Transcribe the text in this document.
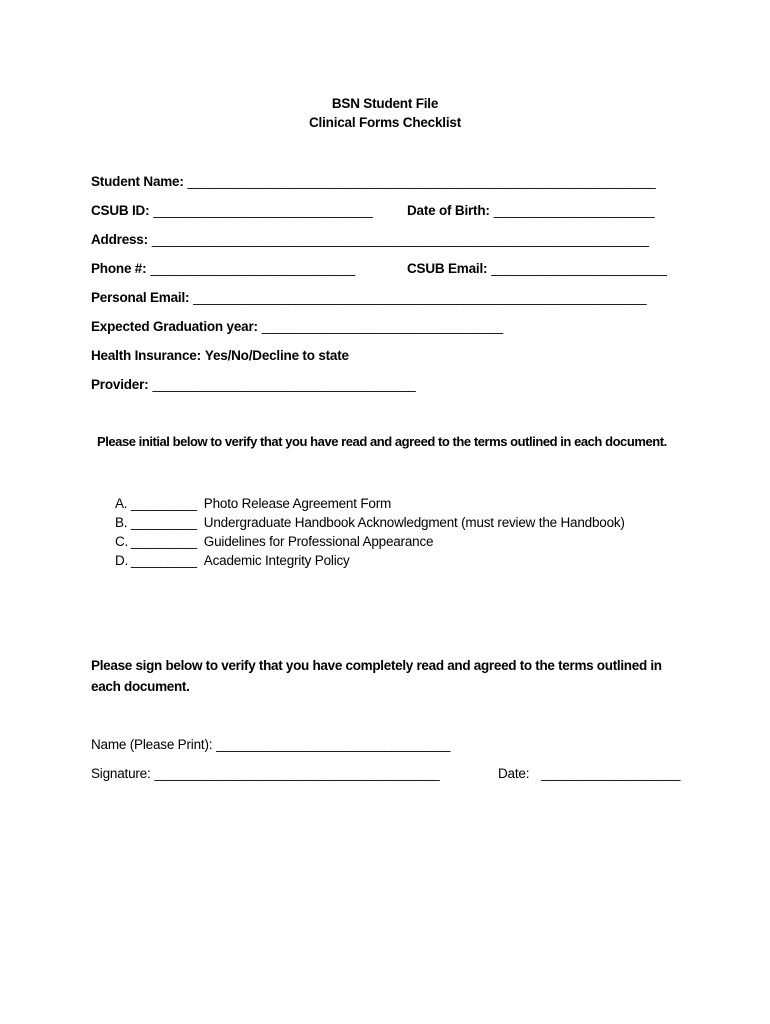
BSN Student File
Clinical Forms Checklist
Student Name: ________________________________________________________________
CSUB ID: ______________________________	Date of Birth: ______________________
Address: ____________________________________________________________________
Phone #: ____________________________	CSUB Email: ________________________
Personal Email: ______________________________________________________________
Expected Graduation year: _________________________________
Health Insurance: Yes/No/Decline to state
Provider: ____________________________________
Please initial below to verify that you have read and agreed to the terms outlined in each document.
A. _________ Photo Release Agreement Form
B. _________ Undergraduate Handbook Acknowledgment (must review the Handbook)
C. _________ Guidelines for Professional Appearance
D. _________ Academic Integrity Policy
Please sign below to verify that you have completely read and agreed to the terms outlined in each document.
Name (Please Print): ________________________________
Signature: _______________________________________	Date: ___________________
